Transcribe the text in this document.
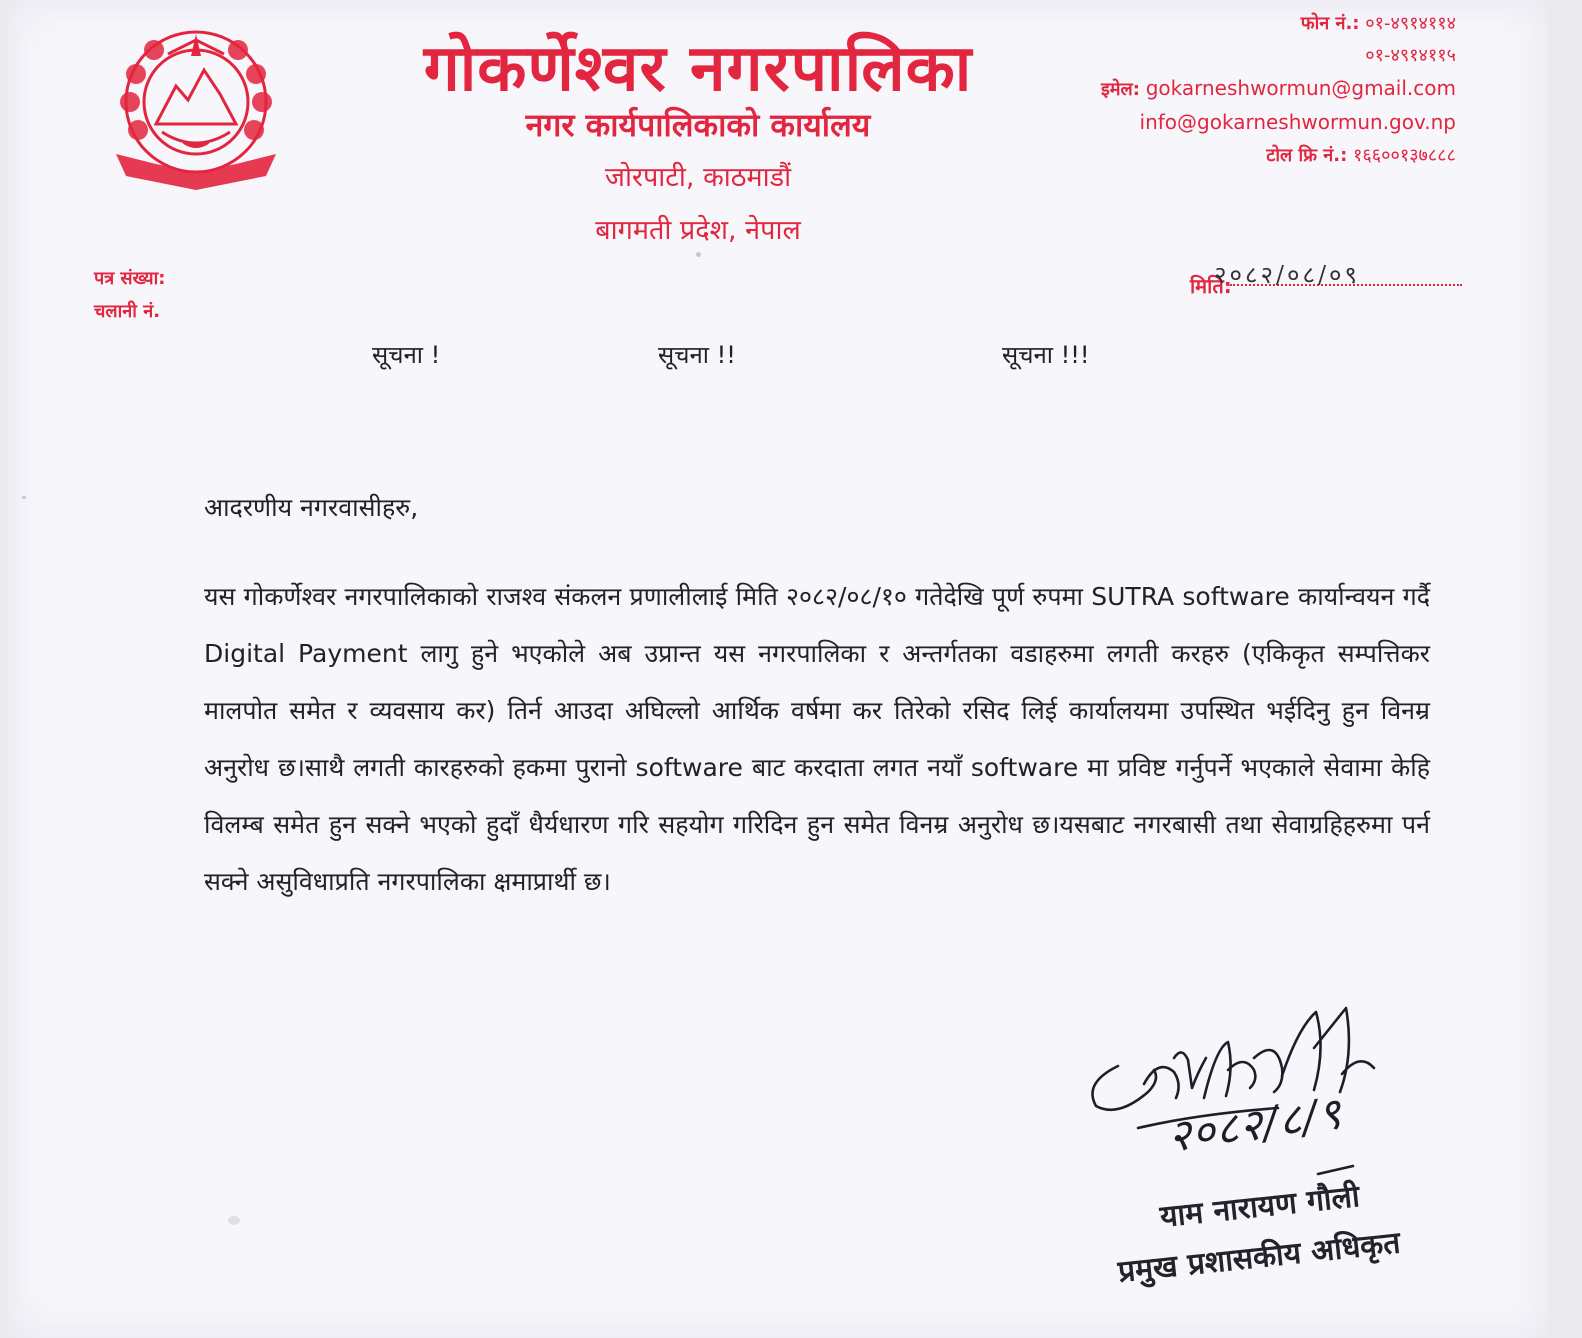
गोकर्णेश्वर नगरपालिका
नगर कार्यपालिकाको कार्यालय
जोरपाटी, काठमाडौं
बागमती प्रदेश, नेपाल
फोन नं.: ०१-४९१४११४
०१-४९१४११५
इमेल: gokarneshwormun@gmail.com
info@gokarneshwormun.gov.np
टोल फ्रि नं.: १६६००१३७८८८
पत्र संख्या:
चलानी नं.
मिति:
२०८२/०८/०९
सूचना !	सूचना !!	सूचना !!!
आदरणीय नगरवासीहरु,
यस गोकर्णेश्वर नगरपालिकाको राजश्व संकलन प्रणालीलाई मिति २०८२/०८/१० गतेदेखि पूर्ण रुपमा SUTRA software कार्यान्वयन गर्दै Digital Payment लागु हुने भएकोले अब उप्रान्त यस नगरपालिका र अन्तर्गतका वडाहरुमा लगती करहरु (एकिकृत सम्पत्तिकर मालपोत समेत र व्यवसाय कर) तिर्न आउदा अघिल्लो आर्थिक वर्षमा कर तिरेको रसिद लिई कार्यालयमा उपस्थित भईदिनु हुन विनम्र अनुरोध छ।साथै लगती कारहरुको हकमा पुरानो software बाट करदाता लगत नयाँ software मा प्रविष्ट गर्नुपर्ने भएकाले सेवामा केहि विलम्ब समेत हुन सक्ने भएको हुदाँ धैर्यधारण गरि सहयोग गरिदिन हुन समेत विनम्र अनुरोध छ।यसबाट नगरबासी तथा सेवाग्रहिहरुमा पर्न सक्ने असुविधाप्रति नगरपालिका क्षमाप्रार्थी छ।
२०८२/८/९
याम नारायण गौली
प्रमुख प्रशासकीय अधिकृत
